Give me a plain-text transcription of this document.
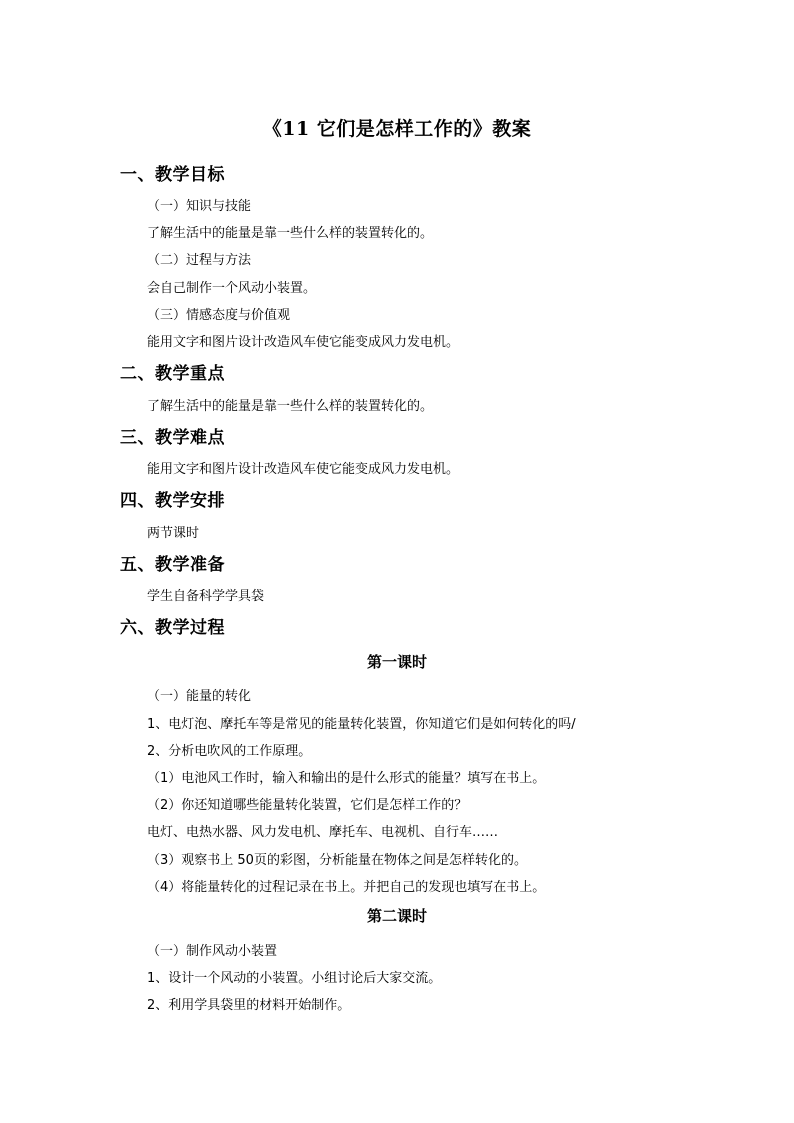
《11 它们是怎样工作的》教案
一、教学目标
（一）知识与技能
了解生活中的能量是靠一些什么样的装置转化的。
（二）过程与方法
会自己制作一个风动小装置。
（三）情感态度与价值观
能用文字和图片设计改造风车使它能变成风力发电机。
二、教学重点
了解生活中的能量是靠一些什么样的装置转化的。
三、教学难点
能用文字和图片设计改造风车使它能变成风力发电机。
四、教学安排
两节课时
五、教学准备
学生自备科学学具袋
六、教学过程
第一课时
（一）能量的转化
1、电灯泡、摩托车等是常见的能量转化装置，你知道它们是如何转化的吗/
2、分析电吹风的工作原理。
（1）电池风工作时，输入和输出的是什么形式的能量？填写在书上。
（2）你还知道哪些能量转化装置，它们是怎样工作的？
电灯、电热水器、风力发电机、摩托车、电视机、自行车……
（3）观察书上 50页的彩图，分析能量在物体之间是怎样转化的。
（4）将能量转化的过程记录在书上。并把自己的发现也填写在书上。
第二课时
（一）制作风动小装置
1、设计一个风动的小装置。小组讨论后大家交流。
2、利用学具袋里的材料开始制作。
